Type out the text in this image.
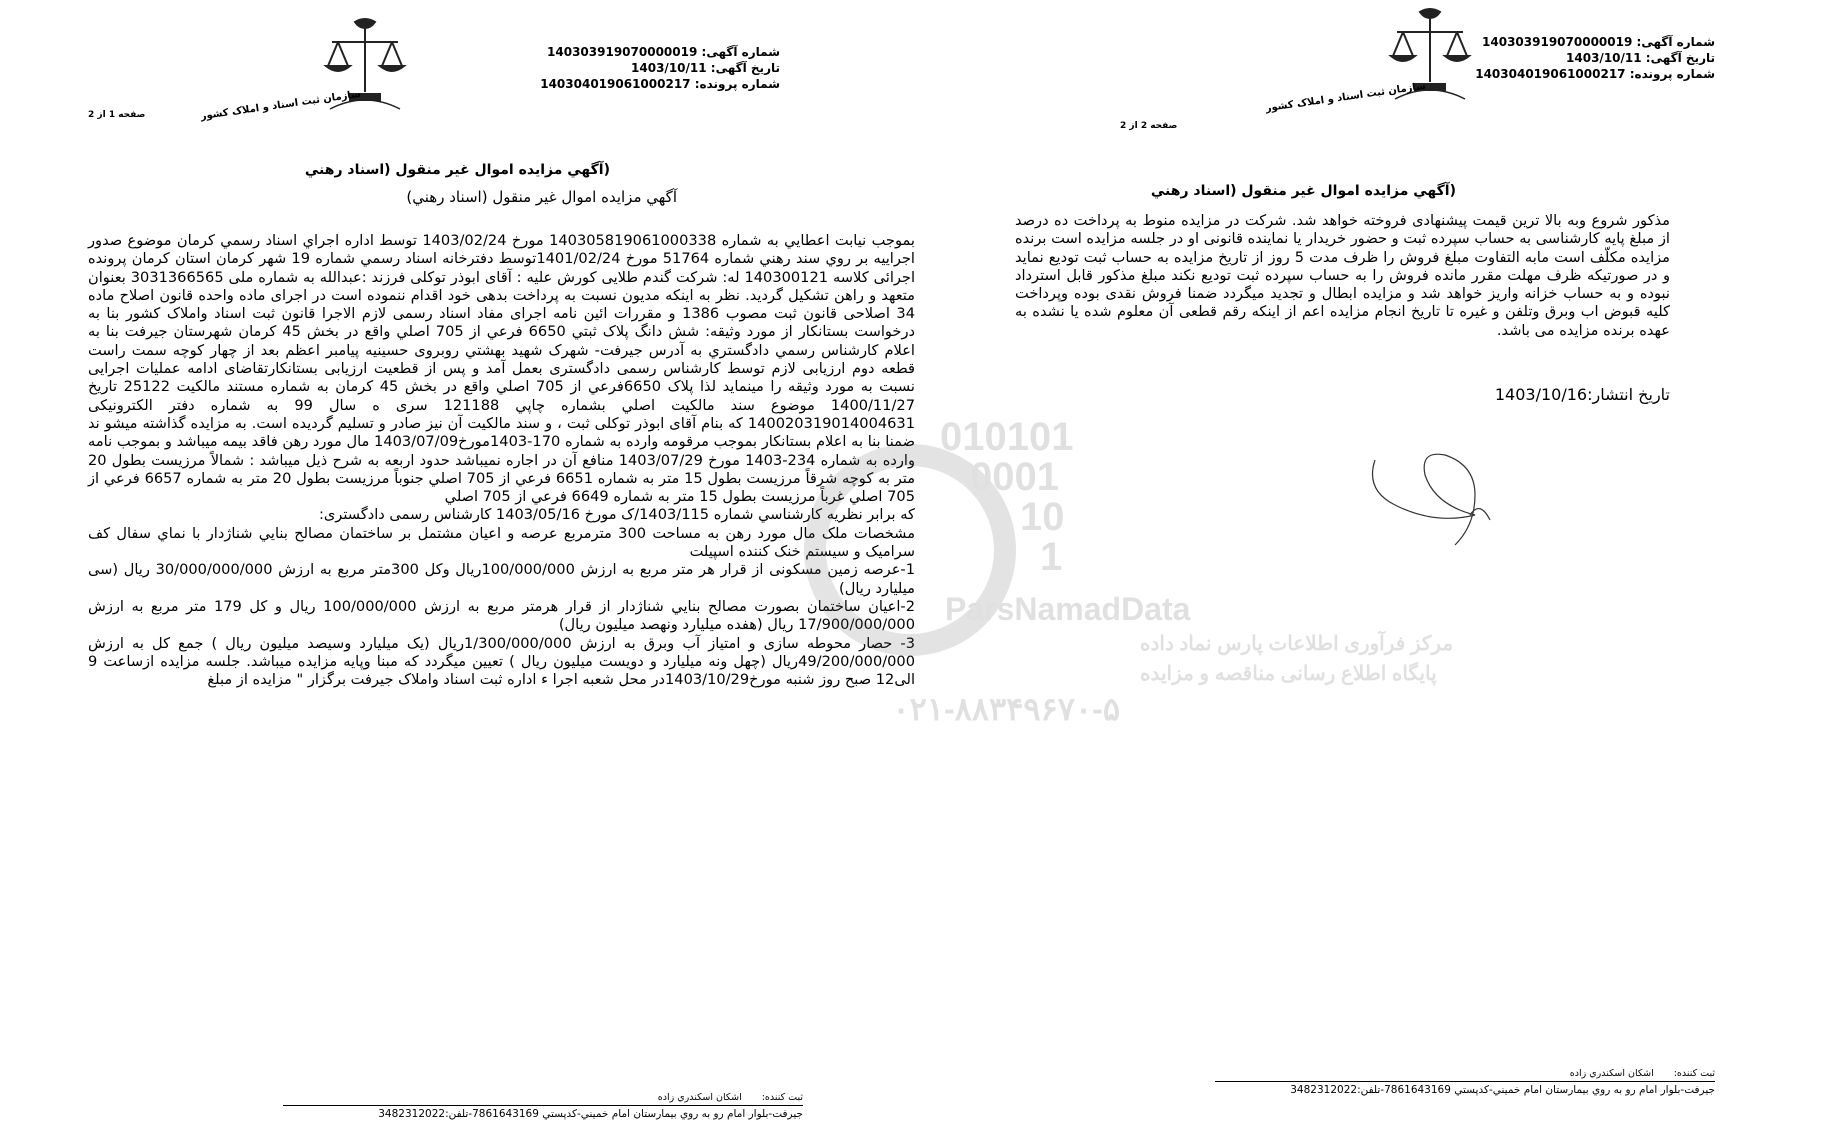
شماره آگهی: 140303919070000019
تاریخ آگهی: 1403/10/11
شماره پرونده: 140304019061000217
سازمان ثبت اسناد و املاک کشور
صفحه 1 از 2
(آگهي مزايده اموال غير منقول (اسناد رهني
آگهي مزايده اموال غير منقول (اسناد رهني)

بموجب نيابت اعطايي به شماره 140305819061000338 مورخ 1403/02/24 توسط اداره اجراي اسناد رسمي کرمان موضوع صدور اجراييه بر روي سند رهني شماره 51764 مورخ 1401/02/24توسط دفترخانه اسناد رسمي شماره 19 شهر کرمان استان کرمان پرونده اجرائی کلاسه 140300121 له: شرکت گندم طلايی کورش عليه : آقای ابوذر توکلی فرزند :عبدالله به شماره ملی 3031366565 بعنوان متعهد و راهن تشکیل گردید. نظر به اینکه مدیون نسبت به پرداخت بدهی خود اقدام ننموده است در اجرای ماده واحده قانون اصلاح ماده 34 اصلاحی قانون ثبت مصوب 1386 و مقررات ائین نامه اجرای مفاد اسناد رسمی لازم الاجرا قانون ثبت اسناد واملاک کشور بنا به درخواست بستانکار از مورد وثیقه: شش دانگ پلاک ثبتي 6650 فرعي از 705 اصلي واقع در بخش 45 کرمان شهرستان جيرفت بنا به اعلام کارشناس رسمي دادگستري به آدرس جيرفت- شهرک شهيد بهشتي روبروی حسينيه پيامبر اعظم بعد از چهار کوچه سمت راست قطعه دوم ارزيابی لازم توسط کارشناس رسمی دادگستری بعمل آمد و پس از قطعیت ارزیابی بستانکارتقاضای ادامه عملیات اجرایی نسبت به مورد وثیقه را مینماید لذا پلاک 6650فرعي از 705 اصلي واقع در بخش 45 کرمان به شماره مستند مالکیت 25122 تاريخ 1400/11/27 موضوع سند مالکيت اصلي بشماره چاپي 121188 سری ه سال 99 به شماره دفتر الکترونيکی 140020319014004631 که بنام آقای ابوذر توکلی ثبت ، و سند مالکيت آن نيز صادر و تسليم گرديده است. به مزايده گذاشته ميشو ند ضمنا بنا به اعلام بستانکار بموجب مرقومه وارده به شماره 170-1403مورخ1403/07/09 مال مورد رهن فاقد بيمه ميباشد و بموجب نامه وارده به شماره 234-1403 مورخ 1403/07/29 منافع آن در اجاره نميباشد حدود اربعه به شرح ذيل ميباشد : شمالاً مرزيست بطول 20 متر به کوچه شرقاً مرزيست بطول 15 متر به شماره 6651 فرعي از 705 اصلي جنوباً مرزيست بطول 20 متر به شماره 6657 فرعي از 705 اصلي غرباً مرزيست بطول 15 متر به شماره 6649 فرعي از 705 اصلي

که برابر نظريه کارشناسي شماره 1403/115/ک مورخ 1403/05/16 کارشناس رسمی دادگستری:

مشخصات ملک مال مورد رهن به مساحت 300 مترمربع عرصه و اعيان مشتمل بر ساختمان مصالح بنايي شناژدار با نماي سفال کف سراميک و سيستم خنک کننده اسپيلت

1-عرصه زمين مسکونی از قرار هر متر مربع به ارزش 100/000/000ريال وکل 300متر مربع به ارزش 30/000/000/000 ريال (سی ميليارد ريال)

2-اعيان ساختمان بصورت مصالح بنايي شناژدار از قرار هرمتر مربع به ارزش 100/000/000 ريال و کل 179 متر مربع به ارزش 17/900/000/000 ريال (هفده ميليارد ونهصد ميليون ريال)

3- حصار محوطه سازی و امتياز آب وبرق به ارزش 1/300/000/000ريال (يک ميليارد وسيصد ميليون ريال ) جمع کل به ارزش 49/200/000/000ريال (چهل ونه ميليارد و دويست ميليون ريال ) تعيين ميگردد که مبنا وپايه مزايده ميباشد. جلسه مزايده ازساعت 9 الی12 صبح روز شنبه مورخ1403/10/29در محل شعبه اجرا ء اداره ثبت اسناد واملاک جيرفت برگزار " مزايده از مبلغ

ثبت كننده:
اشکان اسکندري زاده
جيرفت-بلوار امام رو به روي بيمارستان امام خميني-کدپستي 7861643169-تلفن:3482312022
شماره آگهی: 140303919070000019
تاریخ آگهی: 1403/10/11
شماره پرونده: 140304019061000217
سازمان ثبت اسناد و املاک کشور
صفحه 2 از 2
(آگهي مزايده اموال غير منقول (اسناد رهني

مذکور شروع وبه بالا ترين قيمت پيشنهادی فروخته خواهد شد. شرکت در مزايده منوط به پرداخت ده درصد از مبلغ پايه کارشناسی به حساب سپرده ثبت و حضور خريدار يا نماينده قانونی او در جلسه مزايده است برنده مزايده مکلّف است مابه التفاوت مبلغ فروش را ظرف مدت 5 روز از تاريخ مزايده به حساب ثبت توديع نمايد و در صورتيکه ظرف مهلت مقرر مانده فروش را به حساب سپرده ثبت توديع نکند مبلغ مذکور قابل استرداد نبوده و به حساب خزانه واريز خواهد شد و مزايده ابطال و تجديد ميگردد ضمنا فروش نقدی بوده وپرداخت کليه قبوض اب وبرق وتلفن و غيره تا تاريخ انجام مزايده اعم از اينکه رقم قطعی آن معلوم شده يا نشده به عهده برنده مزايده می باشد.

تاريخ انتشار:1403/10/16
ثبت كننده:
اشکان اسکندري زاده
جيرفت-بلوار امام رو به روي بيمارستان امام خميني-کدپستي 7861643169-تلفن:3482312022
010101
0001
10
1
ParsNamadData
مرکز فرآوری اطلاعات پارس نماد داده
پایگاه اطلاع رسانی مناقصه و مزایده
۰۲۱-۸۸۳۴۹۶۷۰-۵
